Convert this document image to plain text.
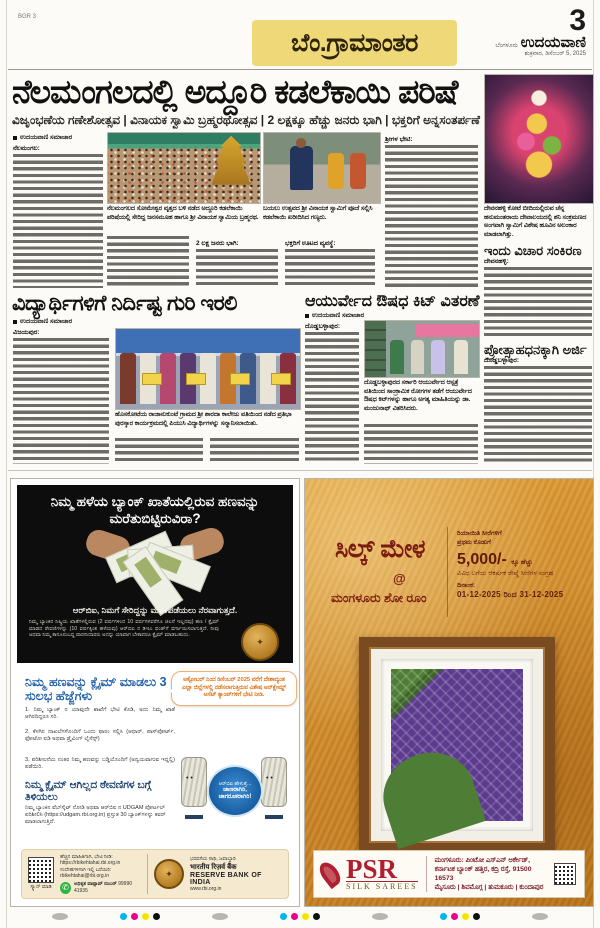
BGR 3
ಬೆಂ.ಗ್ರಾಮಾಂತರ
3
ಬೆಂಗಳೂರು ಉದಯವಾಣಿ
ಶುಕ್ರವಾರ, ಡಿಸೆಂಬರ್ 5, 2025
ನೆಲಮಂಗಲದಲ್ಲಿ ಅದ್ದೂರಿ ಕಡಲೆಕಾಯಿ ಪರಿಷೆ
ವಿಜೃಂಭಣೆಯ ಗಣೇಶೋತ್ಸವ | ವಿನಾಯಕ ಸ್ವಾಮಿ ಬ್ರಹ್ಮರಥೋತ್ಸವ | 2 ಲಕ್ಷಕ್ಕೂ ಹೆಚ್ಚು ಜನರು ಭಾಗಿ | ಭಕ್ತರಿಗೆ ಅನ್ನಸಂತರ್ಪಣೆ
ಉದಯವಾಣಿ ಸಮಾಚಾರ
ನೆಲಮಂಗಲ:
ನೆಲಮಂಗಲದ ಸೋಮೇಶ್ವರ ವೃತ್ತದ ಬಳಿ ನಡೆದ ಅದ್ದೂರಿ ಕಡಲೆಕಾಯಿ ಪರಿಷೆಯಲ್ಲಿ ಸೇರಿದ್ದ ಜನಸಮೂಹ ಹಾಗೂ ಶ್ರೀ ವಿನಾಯಕ ಸ್ವಾಮಿಯ ಬ್ರಹ್ಮರಥ.
ಬಯಲು ಉತ್ಸವದ ಶ್ರೀ ವಿನಾಯಕ ಸ್ವಾಮಿಗೆ ಪೂಜೆ ಸಲ್ಲಿಸಿ ಕಡಲೆಕಾಯಿ ಖರೀದಿಸಿದ ಗಣ್ಯರು.
ಶ್ರೀಗಳ ಭೇಟಿ:
2 ಲಕ್ಷ ಜನರು ಭಾಗಿ:	ಭಕ್ತರಿಗೆ ಊಟದ ವ್ಯವಸ್ಥೆ:
ದೇವನಹಳ್ಳಿ ಕೋಟೆ ಬೀದಿಯಲ್ಲಿರುವ ಚೆನ್ನ ಹನುಮಂತರಾಯ ದೇವಾಲಯದಲ್ಲಿ ಶನಿ ಸಂಕ್ರಮಣದ ಅಂಗವಾಗಿ ಸ್ವಾಮಿಗೆ ವಿಶೇಷ ಹೂವಿನ ಅಲಂಕಾರ ಮಾಡಲಾಗಿತ್ತು.
ಇಂದು ವಿಚಾರ ಸಂಕಿರಣ
ದೇವನಹಳ್ಳಿ:
ಪ್ರೋತ್ಸಾಹಧನಕ್ಕಾಗಿ ಅರ್ಜಿ
ದೊಡ್ಡಬಳ್ಳಾಪುರ:
ವಿದ್ಯಾರ್ಥಿಗಳಿಗೆ ನಿರ್ದಿಷ್ಟ ಗುರಿ ಇರಲಿ
ಉದಯವಾಣಿ ಸಮಾಚಾರ
ವಿಜಯಪುರ:
ಹೊಸಕೋಟೆಯ ರಾಜಾನುಕುಂಟೆ ಗ್ರಾಮದ ಶ್ರೀ ಶಾರದಾ ಕಾಲೇಜು ವತಿಯಿಂದ ನಡೆದ ಪ್ರತಿಭಾ ಪುರಸ್ಕಾರ ಕಾರ್ಯಕ್ರಮದಲ್ಲಿ ಪಿಯುಸಿ ವಿದ್ಯಾರ್ಥಿಗಳನ್ನು ಸನ್ಮಾನಿಸಲಾಯಿತು.
ಆಯುರ್ವೇದ ಔಷಧ ಕಿಟ್ ವಿತರಣೆ
ಉದಯವಾಣಿ ಸಮಾಚಾರ
ದೊಡ್ಡಬಳ್ಳಾಪುರ:
ದೊಡ್ಡಬಳ್ಳಾಪುರದ ಸರ್ಕಾರಿ ಆಯುರ್ವೇದ ಆಸ್ಪತ್ರೆ ವತಿಯಿಂದ ಸಾಂಕ್ರಾಮಿಕ ರೋಗಗಳ ತಡೆಗೆ ಆಯುರ್ವೇದ ಔಷಧ ಕಿಟ್‌ಗಳನ್ನು ಹಾಗೂ ಅಗತ್ಯ ಮಾಹಿತಿಯನ್ನು ಡಾ. ಮಂಜುನಾಥ್ ವಿತರಿಸಿದರು.
ನಿಮ್ಮ ಹಳೆಯ ಬ್ಯಾಂಕ್ ಖಾತೆಯಲ್ಲಿರುವ ಹಣವನ್ನು ಮರೆತುಬಿಟ್ಟಿರುವಿರಾ?
ಆರ್‌ಬಿಐ, ನಿಮಗೆ ಸೇರಿದ್ದನ್ನು ಮರಳಿಪಡೆಯಲು ನೆರವಾಗುತ್ತದೆ.
ನಿಮ್ಮ ಬ್ಯಾಂಕಿನ ನಿಷ್ಕ್ರಿಯ ಖಾತೆಗಳಲ್ಲಿರುವ (2 ವರ್ಷಗಳಿಂದ 10 ವರ್ಷಗಳವರೆಗೂ ಚಲನೆ ಇಲ್ಲದವು) ಹಣ / ಕ್ಲೈಮ್ ಮಾಡದ ಠೇವಣಿಗಳನ್ನು (10 ವರ್ಷಕ್ಕಿಂತ ಹಳೆಯವು) ಆರ್‌ಬಿಐ ನ ಡಿಇಎ ಫಂಡ್‌ಗೆ ವರ್ಗಾಯಿಸಲಾಗುತ್ತದೆ. ನೀವು ಅಥವಾ ನಿಮ್ಮ ಕಾನೂನುಬದ್ಧ ವಾರಸುದಾರರು ಅದನ್ನು ಯಾವಾಗ ಬೇಕಾದರೂ ಕ್ಲೈಮ್ ಮಾಡಬಹುದು.
✦
ನಿಮ್ಮ ಹಣವನ್ನು ಕ್ಲೈಮ್ ಮಾಡಲು 3 ಸುಲಭ ಹೆಜ್ಜೆಗಳು
1. ನಿಮ್ಮ ಬ್ಯಾಂಕ್ ನ ಯಾವುದೇ ಶಾಖೆಗೆ ಭೇಟಿ ಕೊಡಿ, ಅದು ನಿಮ್ಮ ಖಾತೆ ಆಗಿರದಿದ್ದರೂ ಸರಿ.
2. ಕೆಳಗಿನ ದಾಖಲೆಗಳೊಂದಿಗೆ ಒಂದು ಫಾರಂ ಸಲ್ಲಿಸಿ (ಆಧಾರ್, ಪಾಸ್‌ಪೋರ್ಟ್, ಫೋಟೋ ಐಡಿ ಅಥವಾ ಡ್ರೈವಿಂಗ್ ಲೈಸೆನ್ಸ್)
3. ಪರಿಶೀಲನೆಯ ನಂತರ ನಿಮ್ಮ ಹಣವನ್ನು ಬಡ್ಡಿಯೊಂದಿಗೆ (ಅನ್ವಯವಾಗುವ ಇದ್ದಲ್ಲಿ) ಪಡೆಯಿರಿ.
ಅಕ್ಟೋಬರ್ ನಿಂದ ಡಿಸೆಂಬರ್ 2025 ವರೆಗೆ ದೇಶಾದ್ಯಂತ ಎಲ್ಲಾ ಜಿಲ್ಲೆಗಳಲ್ಲಿ ನಡೆಸಲಾಗುತ್ತಿರುವ ವಿಶೇಷ ಅನ್‌ಕ್ಲೇಮ್ಡ್ ಅಸೆಟ್ ಕ್ಯಾಂಪ್‌ಗಳಿಗೆ ಭೇಟಿ ನೀಡಿ.
• •
• •
ಆರ್‌ಬಿಐ ಹೇಳುತ್ತೆ...
ಜಾಣರಾಗಿರಿ, ಜಾಗರೂಕರಾಗಿರಿ!
ನಿಮ್ಮ ಕ್ಲೈಮ್ ಆಗಿಲ್ಲದ ಠೇವಣಿಗಳ ಬಗ್ಗೆ ತಿಳಿಯಲು
ನಿಮ್ಮ ಬ್ಯಾಂಕಿನ ವೆಬ್‌ಸೈಟ್ ನೋಡಿ ಅಥವಾ ಆರ್‌ಬಿಐ ನ UDGAM ಪೋರ್ಟಲ್ ಪರಿಶೀಲಿಸಿ (https://udgam.rbi.org.in) ಪ್ರಸ್ತುತ 30 ಬ್ಯಾಂಕ್‌ಗಳನ್ನು ಕವರ್ ಮಾಡಲಾಗುತ್ತಿದೆ.
ಸ್ಕ್ಯಾನ್ ಮಾಡಿ
ಹೆಚ್ಚಿನ ಮಾಹಿತಿಗಾಗಿ, ಭೇಟಿ ನೀಡಿ: https://rbikehtahai.rbi.org.in ಸಂದೇಹಗಳಿಗಾಗಿ ಇಲ್ಲಿ ಬರೆಯಿರಿ: rbikehtahai@rbi.org.in
✆	ಅಧಿಕೃತ ವಾಟ್ಸಾಪ್ ನಂಬರ್ 99990 41935
✦
ಭರವಸೆಯ ಸಾಥಿ, ಜವಾಬ್ದಾರಿ
भारतीय रिज़र्व बैंक
RESERVE BANK OF INDIA
www.rbi.org.in
ಸಿಲ್ಕ್ ಮೇಳ
@
ಮಂಗಳೂರು ಶೋ ರೂಂ
ರಿಯಾಯಿತಿ ಸೀರೆಗಳಿಗೆ
ಪ್ರಥಮ ಕೊಡುಗೆ
5,000/- ಕ್ಕೂ ಹೆಚ್ಚು
ವಿವಿಧ ಬಗೆಯ ಆಕರ್ಷಕ ರೇಷ್ಮೆ ಸೀರೆಗಳ ಸಂಗ್ರಹ
ದಿನಾಂಕ:
01-12-2025 ರಿಂದ 31-12-2025
PSR
SILK SAREES
ಮಂಗಳೂರು: ಪಿಂಟೋ ಎಸ್‌ಎನ್ ಅರ್ಕೇಡ್, ಕರ್ನಾಟಕ ಬ್ಯಾಂಕ್ ಹತ್ತಿರ, ಕದ್ರಿ ರಸ್ತೆ, 91500 16573
ಮೈಸೂರು | ಶಿವಮೊಗ್ಗ | ತುಮಕೂರು | ಕುಂದಾಪುರ
